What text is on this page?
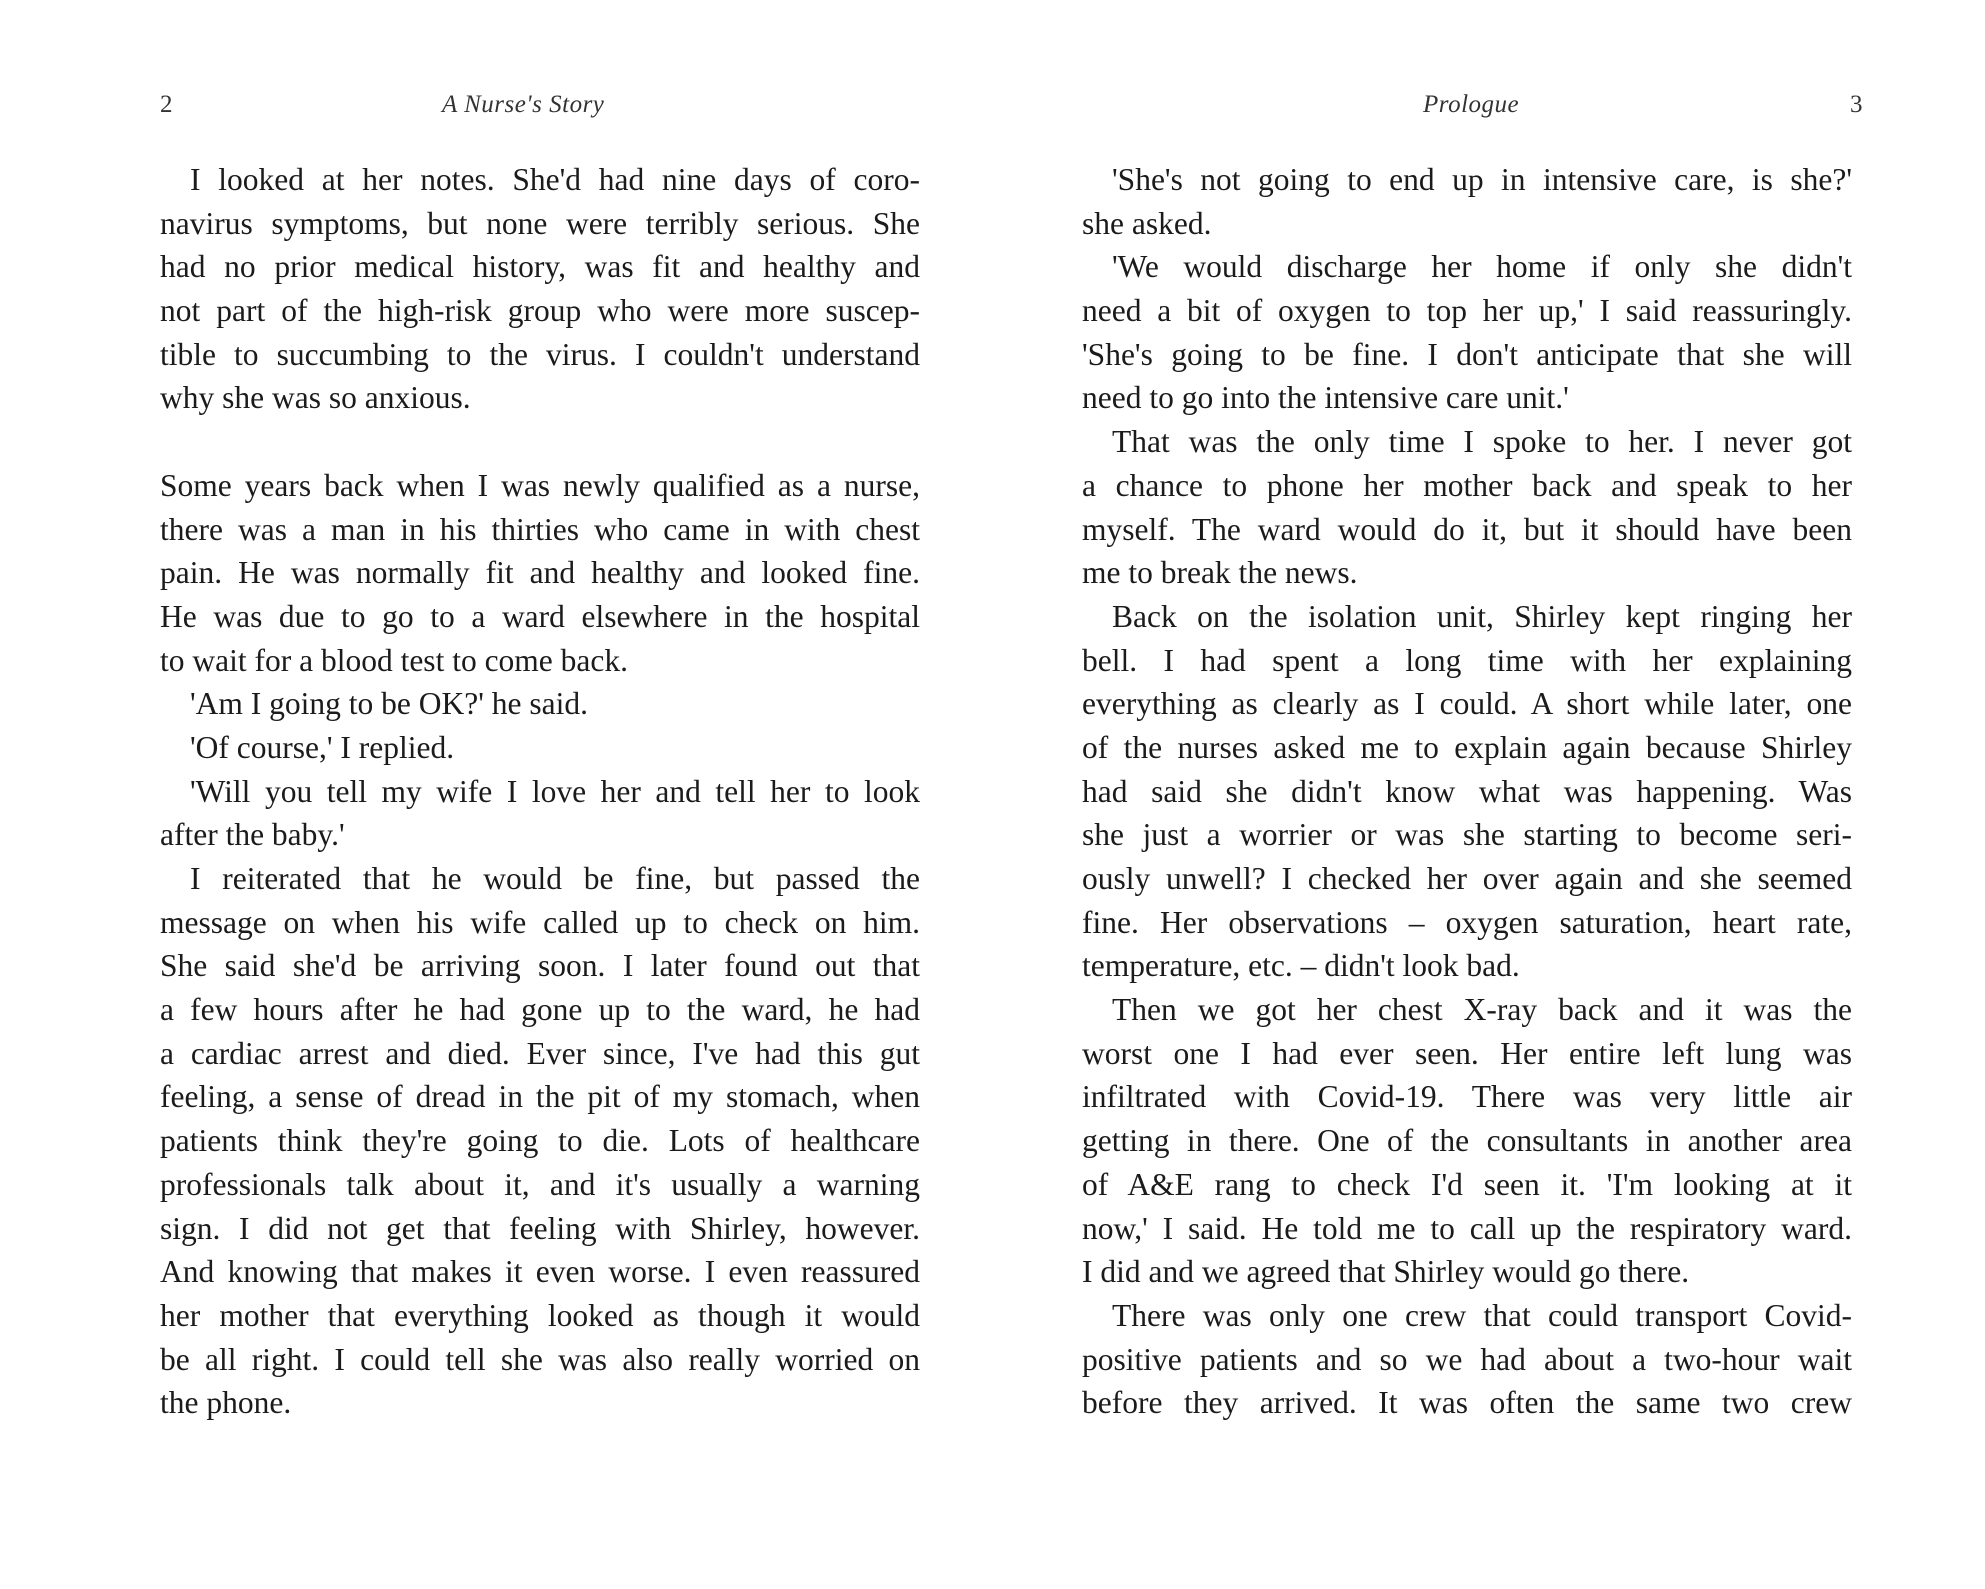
2	A Nurse's Story
I looked at her notes. She'd had nine days of coro-
navirus symptoms, but none were terribly serious. She
had no prior medical history, was fit and healthy and
not part of the high-risk group who were more suscep-
tible to succumbing to the virus. I couldn't understand
why she was so anxious.
Some years back when I was newly qualified as a nurse,
there was a man in his thirties who came in with chest
pain. He was normally fit and healthy and looked fine.
He was due to go to a ward elsewhere in the hospital
to wait for a blood test to come back.
'Am I going to be OK?' he said.
'Of course,' I replied.
'Will you tell my wife I love her and tell her to look
after the baby.'
I reiterated that he would be fine, but passed the
message on when his wife called up to check on him.
She said she'd be arriving soon. I later found out that
a few hours after he had gone up to the ward, he had
a cardiac arrest and died. Ever since, I've had this gut
feeling, a sense of dread in the pit of my stomach, when
patients think they're going to die. Lots of healthcare
professionals talk about it, and it's usually a warning
sign. I did not get that feeling with Shirley, however.
And knowing that makes it even worse. I even reassured
her mother that everything looked as though it would
be all right. I could tell she was also really worried on
the phone.
Prologue	3
'She's not going to end up in intensive care, is she?'
she asked.
'We would discharge her home if only she didn't
need a bit of oxygen to top her up,' I said reassuringly.
'She's going to be fine. I don't anticipate that she will
need to go into the intensive care unit.'
That was the only time I spoke to her. I never got
a chance to phone her mother back and speak to her
myself. The ward would do it, but it should have been
me to break the news.
Back on the isolation unit, Shirley kept ringing her
bell. I had spent a long time with her explaining
everything as clearly as I could. A short while later, one
of the nurses asked me to explain again because Shirley
had said she didn't know what was happening. Was
she just a worrier or was she starting to become seri-
ously unwell? I checked her over again and she seemed
fine. Her observations – oxygen saturation, heart rate,
temperature, etc. – didn't look bad.
Then we got her chest X-ray back and it was the
worst one I had ever seen. Her entire left lung was
infiltrated with Covid-19. There was very little air
getting in there. One of the consultants in another area
of A&E rang to check I'd seen it. 'I'm looking at it
now,' I said. He told me to call up the respiratory ward.
I did and we agreed that Shirley would go there.
There was only one crew that could transport Covid-
positive patients and so we had about a two-hour wait
before they arrived. It was often the same two crew
